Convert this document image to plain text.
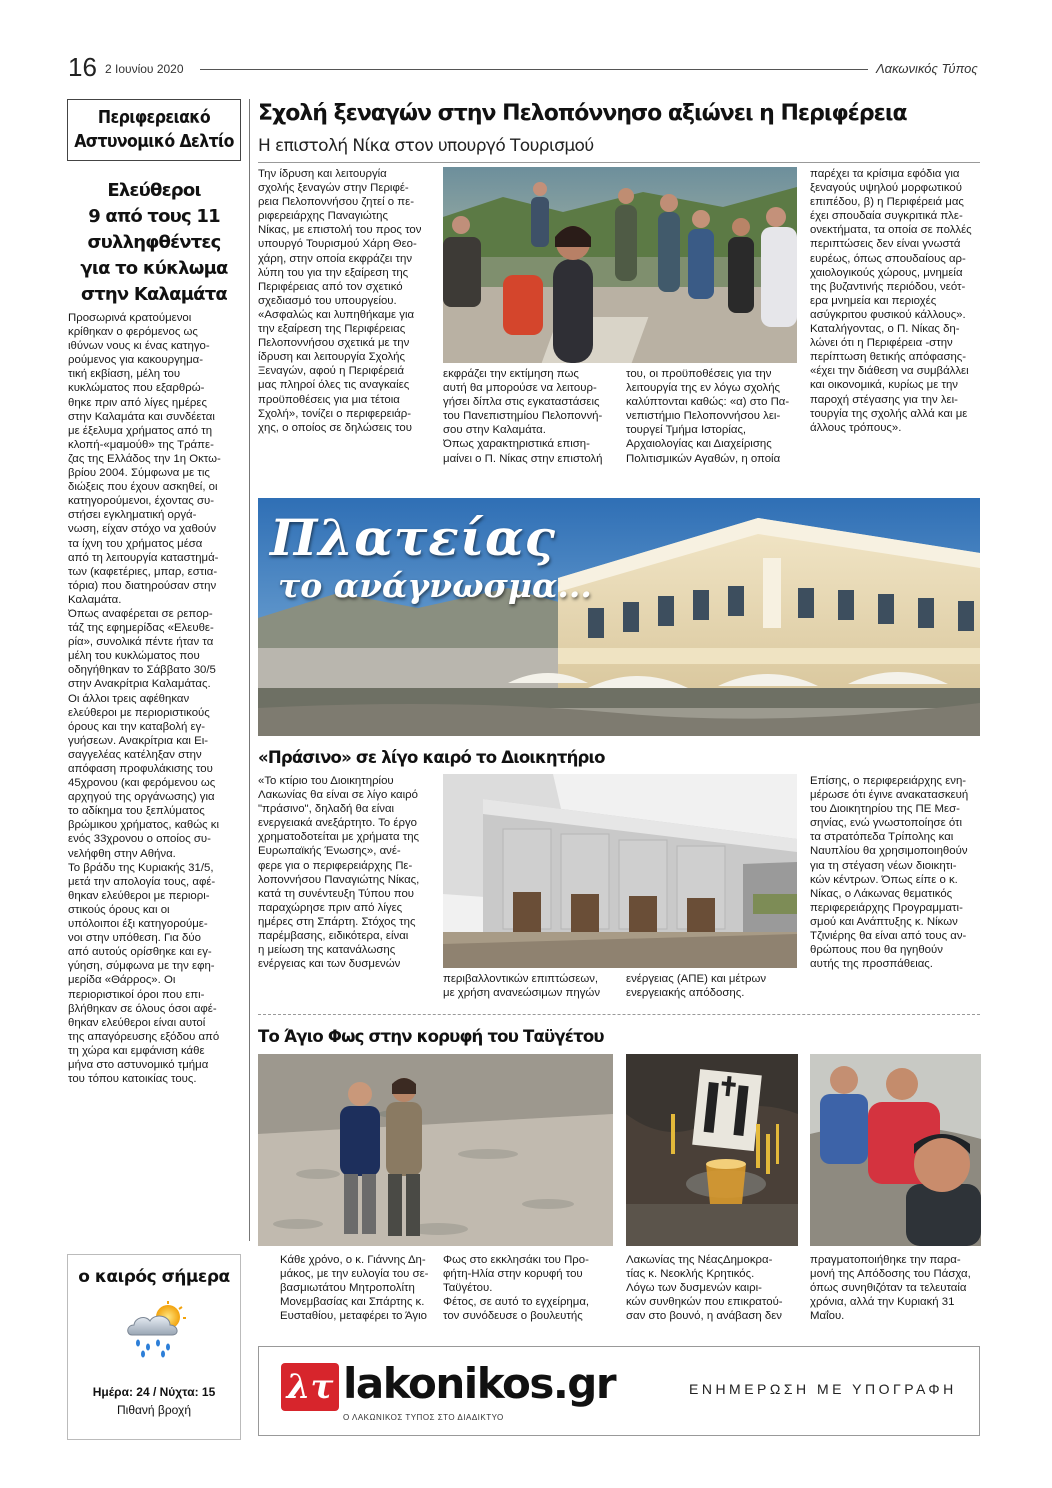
16 2 Ιουνίου 2020	Λακωνικός Τύπος
Περιφερειακό
Αστυνομικό Δελτίο
Ελεύθεροι
9 από τους 11
συλληφθέντες
για το κύκλωμα
στην Καλαμάτα
Προσωρινά κρατούμενοι
κρίθηκαν ο φερόμενος ως
ιθύνων νους κι ένας κατηγο-
ρούμενος για κακουργημα-
τική εκβίαση, μέλη του
κυκλώματος που εξαρθρώ-
θηκε πριν από λίγες ημέρες
στην Καλαμάτα και συνδέεται
με έξελυμα χρήματος από τη
κλοπή-«μαμούθ» της Τράπε-
ζας της Ελλάδος την 1η Οκτω-
βρίου 2004. Σύμφωνα με τις
διώξεις που έχουν ασκηθεί, οι
κατηγορούμενοι, έχοντας συ-
στήσει εγκληματική οργά-
νωση, είχαν στόχο να χαθούν
τα ίχνη του χρήματος μέσα
από τη λειτουργία καταστημά-
των (καφετέριες, μπαρ, εστια-
τόρια) που διατηρούσαν στην
Καλαμάτα.
Όπως αναφέρεται σε ρεπορ-
τάζ της εφημερίδας «Ελευθε-
ρία», συνολικά πέντε ήταν τα
μέλη του κυκλώματος που
οδηγήθηκαν το Σάββατο 30/5
στην Ανακρίτρια Καλαμάτας.
Οι άλλοι τρεις αφέθηκαν
ελεύθεροι με περιοριστικούς
όρους και την καταβολή εγ-
γυήσεων. Ανακρίτρια και Ει-
σαγγελέας κατέληξαν στην
απόφαση προφυλάκισης του
45χρονου (και φερόμενου ως
αρχηγού της οργάνωσης) για
το αδίκημα του ξεπλύματος
βρώμικου χρήματος, καθώς κι
ενός 33χρονου ο οποίος συ-
νελήφθη στην Αθήνα.
Το βράδυ της Κυριακής 31/5,
μετά την απολογία τους, αφέ-
θηκαν ελεύθεροι με περιορι-
στικούς όρους και οι
υπόλοιποι έξι κατηγορούμε-
νοι στην υπόθεση. Για δύο
από αυτούς ορίσθηκε και εγ-
γύηση, σύμφωνα με την εφη-
μερίδα «Θάρρος». Οι
περιοριστικοί όροι που επι-
βλήθηκαν σε όλους όσοι αφέ-
θηκαν ελεύθεροι είναι αυτοί
της απαγόρευσης εξόδου από
τη χώρα και εμφάνιση κάθε
μήνα στο αστυνομικό τμήμα
του τόπου κατοικίας τους.
ο καιρός σήμερα
Ημέρα: 24 / Νύχτα: 15
Πιθανή βροχή
Σχολή ξεναγών στην Πελοπόννησο αξιώνει η Περιφέρεια
Η επιστολή Νίκα στον υπουργό Τουρισμού
Την ίδρυση και λειτουργία
σχολής ξεναγών στην Περιφέ-
ρεια Πελοποννήσου ζητεί ο πε-
ριφερειάρχης Παναγιώτης
Νίκας, με επιστολή του προς τον
υπουργό Τουρισμού Χάρη Θεο-
χάρη, στην οποία εκφράζει την
λύπη του για την εξαίρεση της
Περιφέρειας από τον σχετικό
σχεδιασμό του υπουργείου.
«Ασφαλώς και λυπηθήκαμε για
την εξαίρεση της Περιφέρειας
Πελοποννήσου σχετικά με την
ίδρυση και λειτουργία Σχολής
Ξεναγών, αφού η Περιφέρειά
μας πληροί όλες τις αναγκαίες
προϋποθέσεις για μια τέτοια
Σχολή», τονίζει ο περιφερειάρ-
χης, ο οποίος σε δηλώσεις του
παρέχει τα κρίσιμα εφόδια για
ξεναγούς υψηλού μορφωτικού
επιπέδου, β) η Περιφέρειά μας
έχει σπουδαία συγκριτικά πλε-
ονεκτήματα, τα οποία σε πολλές
περιπτώσεις δεν είναι γνωστά
ευρέως, όπως σπουδαίους αρ-
χαιολογικούς χώρους, μνημεία
της βυζαντινής περιόδου, νεότ-
ερα μνημεία και περιοχές
ασύγκριτου φυσικού κάλλους».
Καταλήγοντας, ο Π. Νίκας δη-
λώνει ότι η Περιφέρεια -στην
περίπτωση θετικής απόφασης-
«έχει την διάθεση να συμβάλλει
και οικονομικά, κυρίως με την
παροχή στέγασης για την λει-
τουργία της σχολής αλλά και με
άλλους τρόπους».
εκφράζει την εκτίμηση πως
αυτή θα μπορούσε να λειτουρ-
γήσει δίπλα στις εγκαταστάσεις
του Πανεπιστημίου Πελοποννή-
σου στην Καλαμάτα.
Όπως χαρακτηριστικά επιση-
μαίνει ο Π. Νίκας στην επιστολή
του, οι προϋποθέσεις για την
λειτουργία της εν λόγω σχολής
καλύπτονται καθώς: «α) στο Πα-
νεπιστήμιο Πελοποννήσου λει-
τουργεί Τμήμα Ιστορίας,
Αρχαιολογίας και Διαχείρισης
Πολιτισμικών Αγαθών, η οποία
Πλατείας
το ανάγνωσμα...
«Πράσινο» σε λίγο καιρό το Διοικητήριο
«Το κτίριο του Διοικητηρίου
Λακωνίας θα είναι σε λίγο καιρό
"πράσινο", δηλαδή θα είναι
ενεργειακά ανεξάρτητο. Το έργο
χρηματοδοτείται με χρήματα της
Ευρωπαϊκής Ένωσης», ανέ-
φερε για ο περιφερειάρχης Πε-
λοποννήσου Παναγιώτης Νίκας,
κατά τη συνέντευξη Τύπου που
παραχώρησε πριν από λίγες
ημέρες στη Σπάρτη. Στόχος της
παρέμβασης, ειδικότερα, είναι
η μείωση της κατανάλωσης
ενέργειας και των δυσμενών
περιβαλλοντικών επιπτώσεων,
με χρήση ανανεώσιμων πηγών
ενέργειας (ΑΠΕ) και μέτρων
ενεργειακής απόδοσης.
Επίσης, ο περιφερειάρχης ενη-
μέρωσε ότι έγινε ανακατασκευή
του Διοικητηρίου της ΠΕ Μεσ-
σηνίας, ενώ γνωστοποίησε ότι
τα στρατόπεδα Τρίπολης και
Ναυπλίου θα χρησιμοποιηθούν
για τη στέγαση νέων διοικητι-
κών κέντρων. Όπως είπε ο κ.
Νίκας, ο Λάκωνας θεματικός
περιφερειάρχης Προγραμματι-
σμού και Ανάπτυξης κ. Νίκων
Τζινιέρης θα είναι από τους αν-
θρώπους που θα ηγηθούν
αυτής της προσπάθειας.
Το Άγιο Φως στην κορυφή του Ταϋγέτου
Κάθε χρόνο, ο κ. Γιάννης Δη-
μάκος, με την ευλογία του σε-
βασμιωτάτου Μητροπολίτη
Μονεμβασίας και Σπάρτης κ.
Ευσταθίου, μεταφέρει το Άγιο
Φως στο εκκλησάκι του Προ-
φήτη-Ηλία στην κορυφή του
Ταϋγέτου.
Φέτος, σε αυτό το εγχείρημα,
τον συνόδευσε ο βουλευτής
Λακωνίας της ΝέαςΔημοκρα-
τίας κ. Νεοκλής Κρητικός.
Λόγω των δυσμενών καιρι-
κών συνθηκών που επικρατού-
σαν στο βουνό, η ανάβαση δεν
πραγματοποιήθηκε την παρα-
μονή της Απόδοσης του Πάσχα,
όπως συνηθιζόταν τα τελευταία
χρόνια, αλλά την Κυριακή 31
Μαΐου.
λτ lakonikos.gr
Ο ΛΑΚΩΝΙΚΟΣ ΤΥΠΟΣ ΣΤΟ ΔΙΑΔΙΚΤΥΟ
ΕΝΗΜΕΡΩΣΗ ΜΕ ΥΠΟΓΡΑΦΗ
